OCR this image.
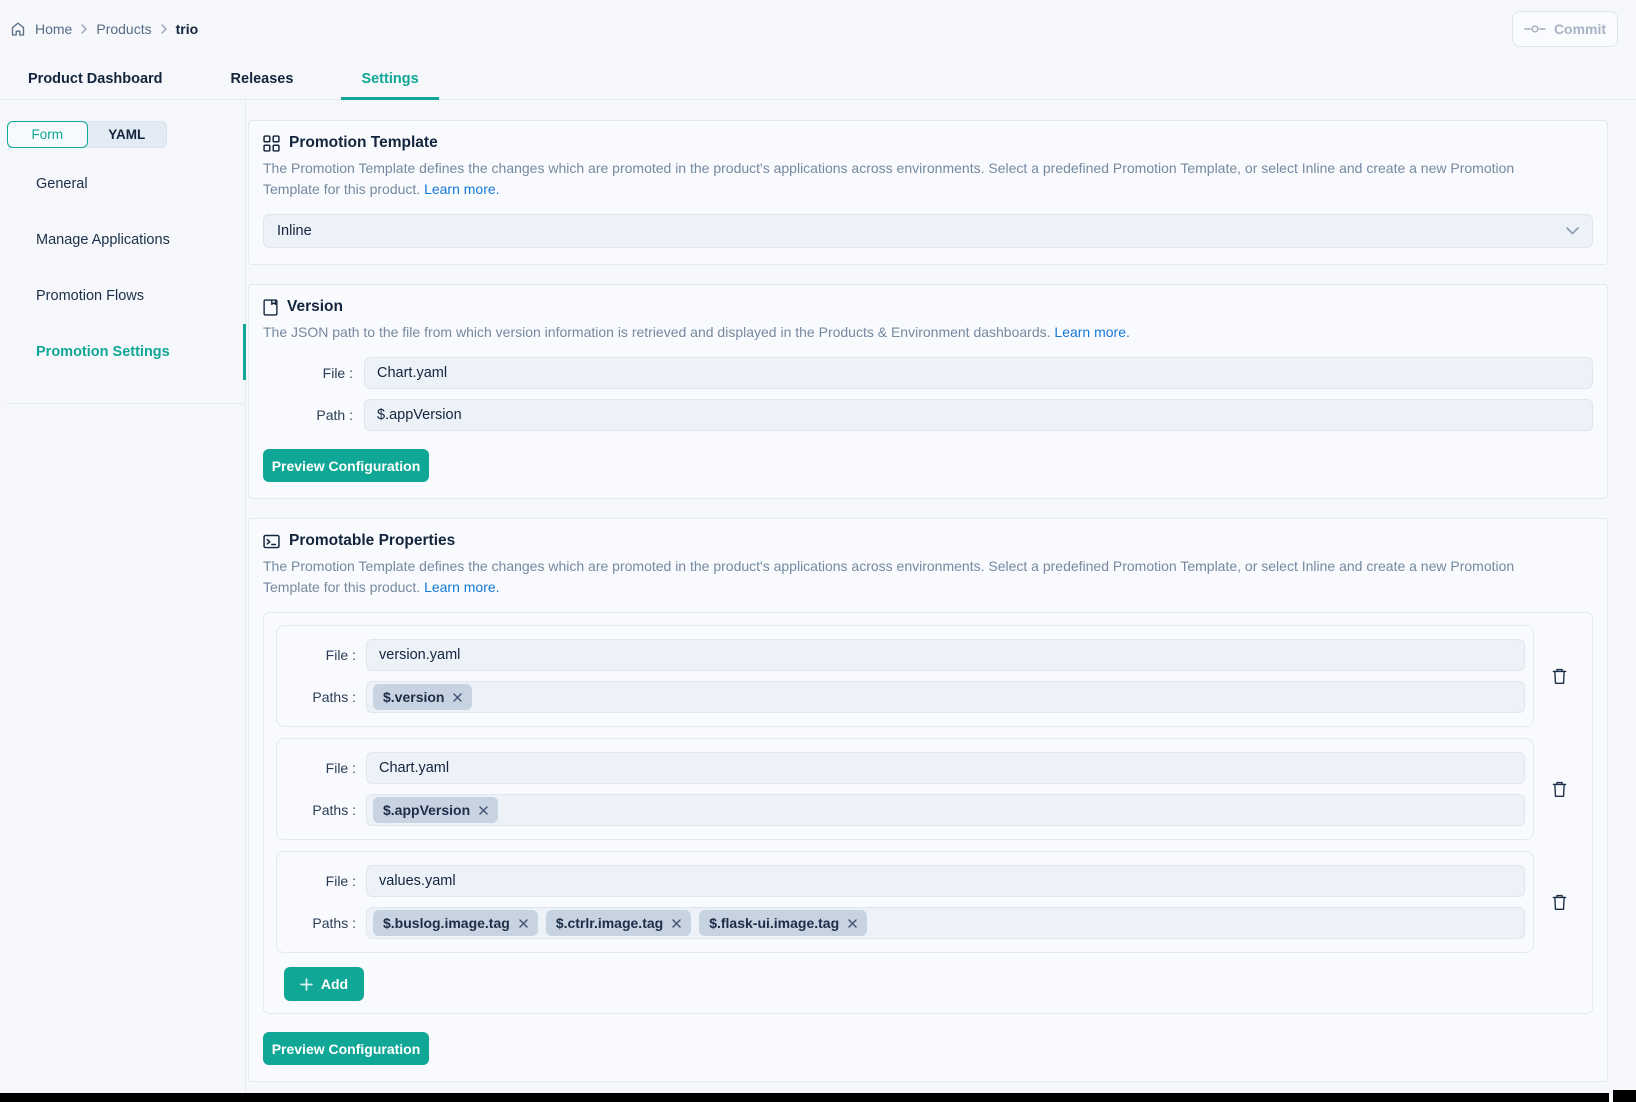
Home Products trio	Commit
Product Dashboard	Releases	Settings
Form	YAML
General
Manage Applications
Promotion Flows
Promotion Settings
Promotion Template

The Promotion Template defines the changes which are promoted in the product's applications across environments. Select a predefined Promotion Template, or select Inline and create a new Promotion Template for this product. Learn more.

Inline
Version

The JSON path to the file from which version information is retrieved and displayed in the Products & Environment dashboards. Learn more.

File :
Chart.yaml
Path :
$.appVersion
Preview Configuration
Promotable Properties

The Promotion Template defines the changes which are promoted in the product's applications across environments. Select a predefined Promotion Template, or select Inline and create a new Promotion Template for this product. Learn more.

File :
version.yaml
Paths : $.version
File :
Chart.yaml
Paths : $.appVersion
File :
values.yaml
Paths : $.buslog.image.tag	$.ctrlr.image.tag	$.flask-ui.image.tag
Add
Preview Configuration
